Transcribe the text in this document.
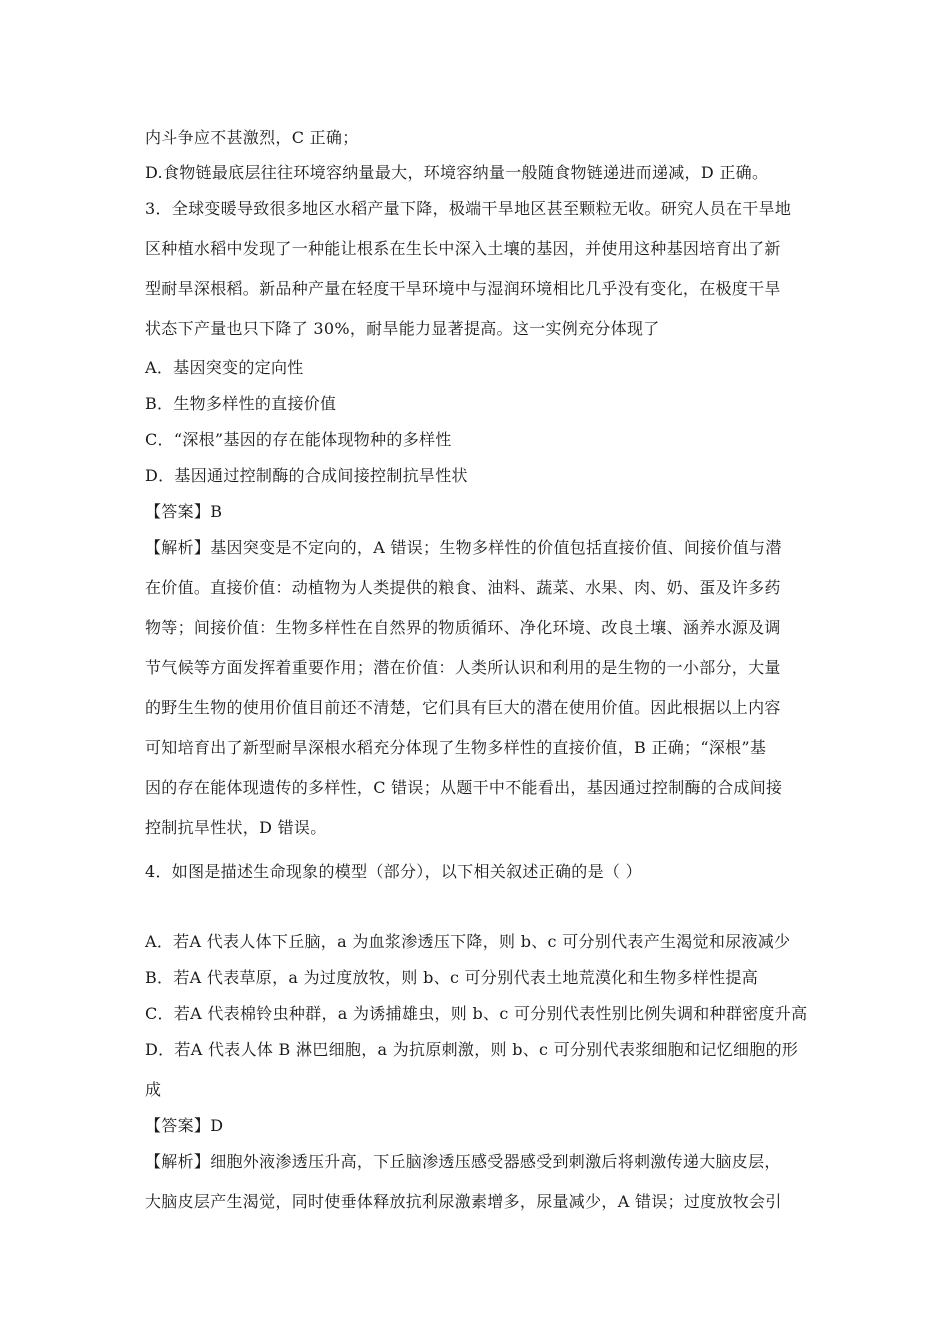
内斗争应不甚激烈，C 正确；
D.食物链最底层往往环境容纳量最大，环境容纳量一般随食物链递进而递减，D 正确。
3．全球变暖导致很多地区水稻产量下降，极端干旱地区甚至颗粒无收。研究人员在干旱地
区种植水稻中发现了一种能让根系在生长中深入土壤的基因，并使用这种基因培育出了新
型耐旱深根稻。新品种产量在轻度干旱环境中与湿润环境相比几乎没有变化，在极度干旱
状态下产量也只下降了 30%，耐旱能力显著提高。这一实例充分体现了
A．基因突变的定向性
B．生物多样性的直接价值
C．“深根”基因的存在能体现物种的多样性
D．基因通过控制酶的合成间接控制抗旱性状
【答案】B
【解析】基因突变是不定向的，A 错误；生物多样性的价值包括直接价值、间接价值与潜
在价值。直接价值：动植物为人类提供的粮食、油料、蔬菜、水果、肉、奶、蛋及许多药
物等；间接价值：生物多样性在自然界的物质循环、净化环境、改良土壤、涵养水源及调
节气候等方面发挥着重要作用；潜在价值：人类所认识和利用的是生物的一小部分，大量
的野生生物的使用价值目前还不清楚，它们具有巨大的潜在使用价值。因此根据以上内容
可知培育出了新型耐旱深根水稻充分体现了生物多样性的直接价值，B 正确；“深根”基
因的存在能体现遗传的多样性，C 错误；从题干中不能看出，基因通过控制酶的合成间接
控制抗旱性状，D 错误。
4．如图是描述生命现象的模型（部分），以下相关叙述正确的是（ ）
A．若A 代表人体下丘脑，a 为血浆渗透压下降，则 b、c 可分别代表产生渴觉和尿液减少
B．若A 代表草原，a 为过度放牧，则 b、c 可分别代表土地荒漠化和生物多样性提高
C．若A 代表棉铃虫种群，a 为诱捕雄虫，则 b、c 可分别代表性别比例失调和种群密度升高
D．若A 代表人体 B 淋巴细胞，a 为抗原刺激，则 b、c 可分别代表浆细胞和记忆细胞的形
成
【答案】D
【解析】细胞外液渗透压升高，下丘脑渗透压感受器感受到刺激后将刺激传递大脑皮层，
大脑皮层产生渴觉，同时使垂体释放抗利尿激素增多，尿量减少，A 错误；过度放牧会引
